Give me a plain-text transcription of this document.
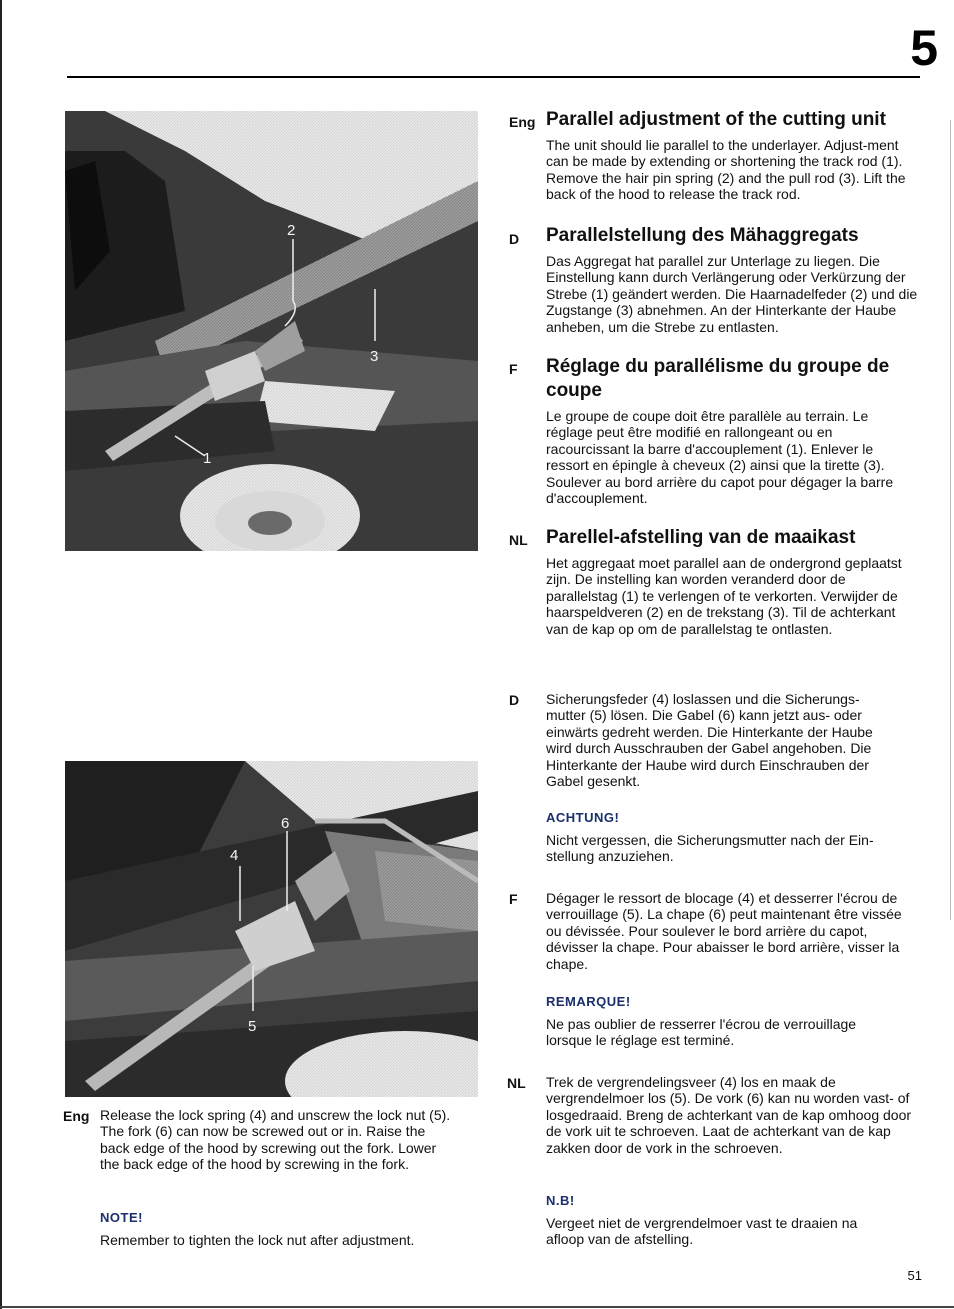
5
2
3
1
6
4
5
Eng Parallel adjustment of the cutting unit
The unit should lie parallel to the underlayer. Adjust-ment can be made by extending or shortening the track rod (1). Remove the hair pin spring (2) and the pull rod (3). Lift the back of the hood to release the track rod.
D Parallelstellung des Mähaggregats
Das Aggregat hat parallel zur Unterlage zu liegen. Die Einstellung kann durch Verlängerung oder Verkürzung der Strebe (1) geändert werden. Die Haarnadelfeder (2) und die Zugstange (3) abnehmen. An der Hinterkante der Haube anheben, um die Strebe zu entlasten.
F Réglage du parallélisme du groupe de coupe
Le groupe de coupe doit être parallèle au terrain. Le réglage peut être modifié en rallongeant ou en racourcissant la barre d'accouplement (1). Enlever le ressort en épingle à cheveux (2) ainsi que la tirette (3). Soulever au bord arrière du capot pour dégager la barre d'accouplement.
NL Parellel-afstelling van de maaikast
Het aggregaat moet parallel aan de ondergrond geplaatst zijn. De instelling kan worden veranderd door de parallelstag (1) te verlengen of te verkorten. Verwijder de haarspeldveren (2) en de trekstang (3). Til de achterkant van de kap op om de parallelstag te ontlasten.
D Sicherungsfeder (4) loslassen und die Sicherungs-mutter (5) lösen. Die Gabel (6) kann jetzt aus- oder einwärts gedreht werden. Die Hinterkante der Haube wird durch Ausschrauben der Gabel angehoben. Die Hinterkante der Haube wird durch Einschrauben der Gabel gesenkt.
ACHTUNG!
Nicht vergessen, die Sicherungsmutter nach der Ein-stellung anzuziehen.
F Dégager le ressort de blocage (4) et desserrer l'écrou de verrouillage (5). La chape (6) peut maintenant être vissée ou dévissée. Pour soulever le bord arrière du capot, dévisser la chape. Pour abaisser le bord arrière, visser la chape.
REMARQUE!
Ne pas oublier de resserrer l'écrou de verrouillage lorsque le réglage est terminé.
NL Trek de vergrendelingsveer (4) los en maak de vergrendelmoer los (5). De vork (6) kan nu worden vast- of losgedraaid. Breng de achterkant van de kap omhoog door de vork uit te schroeven. Laat de achterkant van de kap zakken door de vork in the schroeven.
N.B!
Vergeet niet de vergrendelmoer vast te draaien na afloop van de afstelling.
Eng Release the lock spring (4) and unscrew the lock nut (5). The fork (6) can now be screwed out or in. Raise the back edge of the hood by screwing out the fork. Lower the back edge of the hood by screwing in the fork.
NOTE!
Remember to tighten the lock nut after adjustment.
51
